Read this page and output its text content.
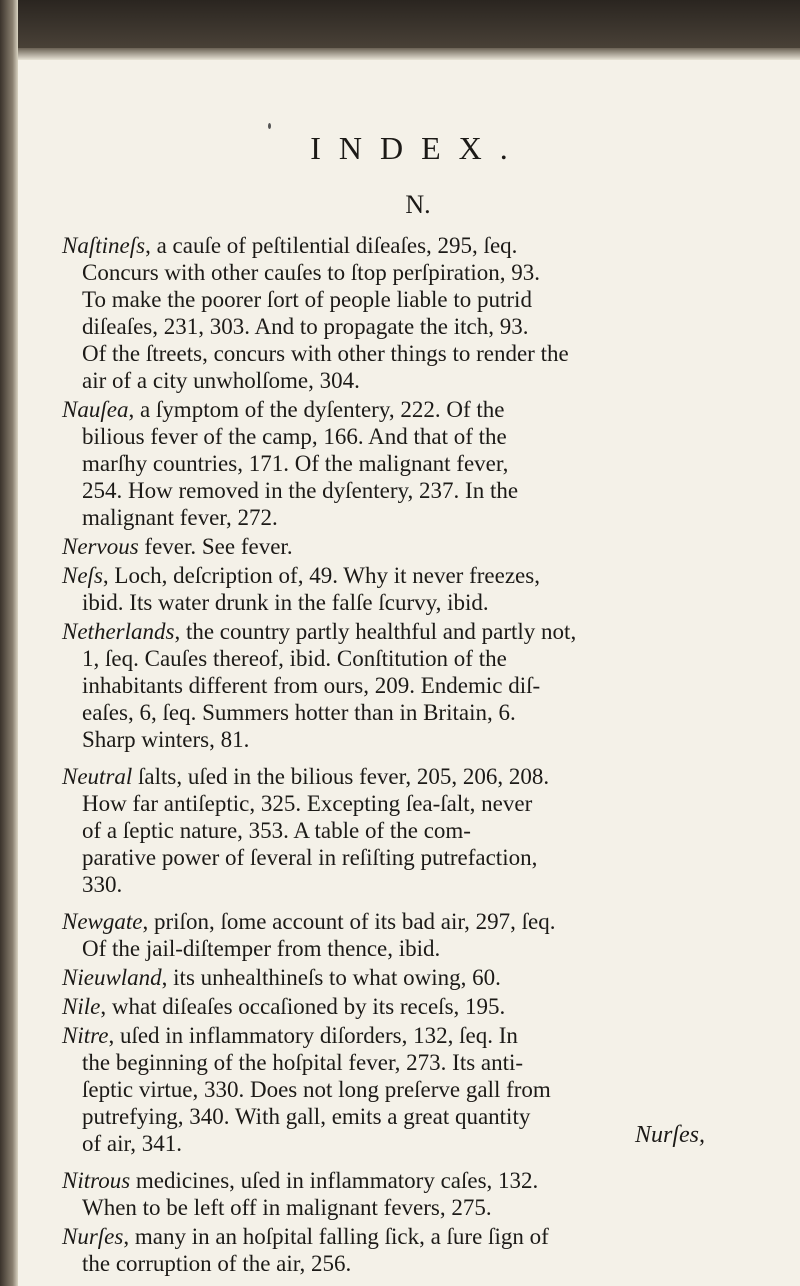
INDEX.
N.
Naſtineſs, a cauſe of peſtilential diſeaſes, 295, ſeq.
Concurs with other cauſes to ſtop perſpiration, 93.
To make the poorer ſort of people liable to putrid
diſeaſes, 231, 303. And to propagate the itch, 93.
Of the ſtreets, concurs with other things to render the
air of a city unwholſome, 304.
Nauſea, a ſymptom of the dyſentery, 222. Of the
bilious fever of the camp, 166. And that of the
marſhy countries, 171. Of the malignant fever,
254. How removed in the dyſentery, 237. In the
malignant fever, 272.
Nervous fever. See fever.
Neſs, Loch, deſcription of, 49. Why it never freezes,
ibid. Its water drunk in the falſe ſcurvy, ibid.
Netherlands, the country partly healthful and partly not,
1, ſeq. Cauſes thereof, ibid. Conſtitution of the
inhabitants different from ours, 209. Endemic diſ-
eaſes, 6, ſeq. Summers hotter than in Britain, 6.
Sharp winters, 81.
Neutral ſalts, uſed in the bilious fever, 205, 206, 208.
How far antiſeptic, 325. Excepting ſea-ſalt, never
of a ſeptic nature, 353. A table of the com-
parative power of ſeveral in reſiſting putrefaction,
330.
Newgate, priſon, ſome account of its bad air, 297, ſeq.
Of the jail-diſtemper from thence, ibid.
Nieuwland, its unhealthineſs to what owing, 60.
Nile, what diſeaſes occaſioned by its receſs, 195.
Nitre, uſed in inflammatory diſorders, 132, ſeq. In
the beginning of the hoſpital fever, 273. Its anti-
ſeptic virtue, 330. Does not long preſerve gall from
putrefying, 340. With gall, emits a great quantity
of air, 341.
Nitrous medicines, uſed in inflammatory caſes, 132.
When to be left off in malignant fevers, 275.
Nurſes, many in an hoſpital falling ſick, a ſure ſign of
the corruption of the air, 256.
Nurſes,
